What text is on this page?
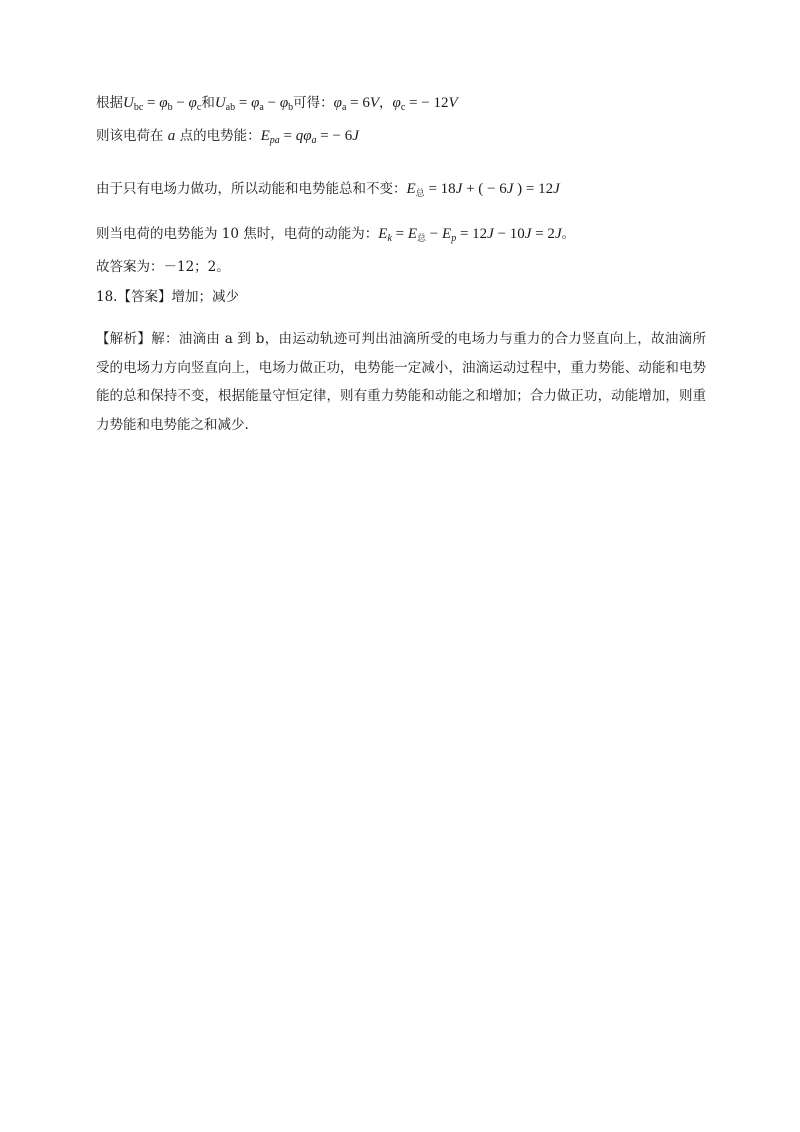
根据$U_{bc} = \varphi_b - \varphi_c$和$U_{ab} = \varphi_a - \varphi_b$可得：$\varphi_a = 6V$，$\varphi_c$ = − 12V
则该电荷在 a 点的电势能：$E_{pa} = q\varphi_a$ = − 6J
由于只有电场力做功，所以动能和电势能总和不变：$E_总 = 18J$ + ( − 6J ) = 12J
则当电荷的电势能为 10 焦时，电荷的动能为：$E_k = E_总 - E_p = 12J - 10J = 2J$。
故答案为：－12；2。
18.【答案】增加；减少
【解析】解：油滴由 a 到 b，由运动轨迹可判出油滴所受的电场力与重力的合力竖直向上，故油滴所受的电场力方向竖直向上，电场力做正功，电势能一定减小，油滴运动过程中，重力势能、动能和电势能的总和保持不变，根据能量守恒定律，则有重力势能和动能之和增加；合力做正功，动能增加，则重力势能和电势能之和减少.
